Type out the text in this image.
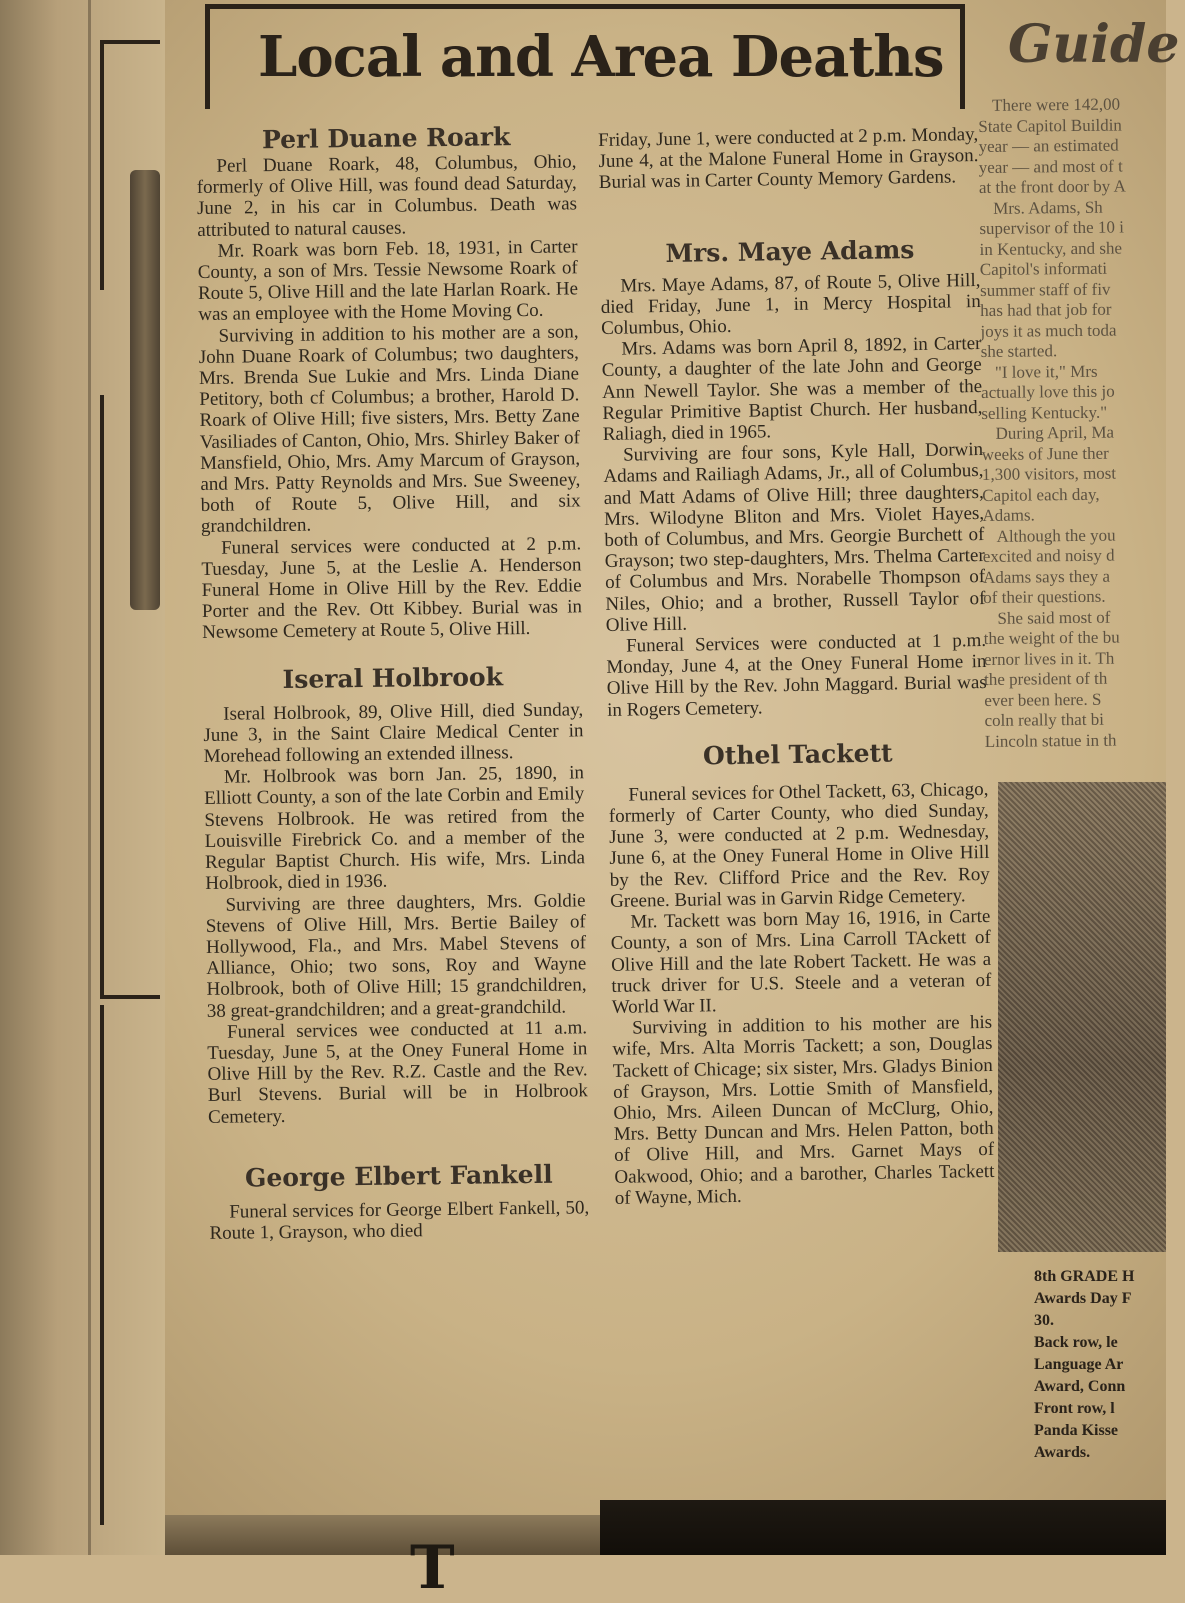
Local and Area Deaths Guide
Perl Duane Roark

Perl Duane Roark, 48, Columbus, Ohio, formerly of Olive Hill, was found dead Saturday, June 2, in his car in Columbus. Death was attributed to natural causes.

Mr. Roark was born Feb. 18, 1931, in Carter County, a son of Mrs. Tessie Newsome Roark of Route 5, Olive Hill and the late Harlan Roark. He was an employee with the Home Moving Co.

Surviving in addition to his mother are a son, John Duane Roark of Columbus; two daughters, Mrs. Brenda Sue Lukie and Mrs. Linda Diane Petitory, both cf Columbus; a brother, Harold D. Roark of Olive Hill; five sisters, Mrs. Betty Zane Vasiliades of Canton, Ohio, Mrs. Shirley Baker of Mansfield, Ohio, Mrs. Amy Marcum of Grayson, and Mrs. Patty Reynolds and Mrs. Sue Sweeney, both of Route 5, Olive Hill, and six grandchildren.

Funeral services were conducted at 2 p.m. Tuesday, June 5, at the Leslie A. Henderson Funeral Home in Olive Hill by the Rev. Eddie Porter and the Rev. Ott Kibbey. Burial was in Newsome Cemetery at Route 5, Olive Hill.

Iseral Holbrook

Iseral Holbrook, 89, Olive Hill, died Sunday, June 3, in the Saint Claire Medical Center in Morehead following an extended illness.

Mr. Holbrook was born Jan. 25, 1890, in Elliott County, a son of the late Corbin and Emily Stevens Holbrook. He was retired from the Louisville Firebrick Co. and a member of the Regular Baptist Church. His wife, Mrs. Linda Holbrook, died in 1936.

Surviving are three daughters, Mrs. Goldie Stevens of Olive Hill, Mrs. Bertie Bailey of Hollywood, Fla., and Mrs. Mabel Stevens of Alliance, Ohio; two sons, Roy and Wayne Holbrook, both of Olive Hill; 15 grandchildren, 38 great-grandchildren; and a great-grandchild.

Funeral services wee conducted at 11 a.m. Tuesday, June 5, at the Oney Funeral Home in Olive Hill by the Rev. R.Z. Castle and the Rev. Burl Stevens. Burial will be in Holbrook Cemetery.

George Elbert Fankell

Funeral services for George Elbert Fankell, 50, Route 1, Grayson, who died

Friday, June 1, were conducted at 2 p.m. Monday, June 4, at the Malone Funeral Home in Grayson. Burial was in Carter County Memory Gardens.

Mrs. Maye Adams

Mrs. Maye Adams, 87, of Route 5, Olive Hill, died Friday, June 1, in Mercy Hospital in Columbus, Ohio.

Mrs. Adams was born April 8, 1892, in Carter County, a daughter of the late John and George Ann Newell Taylor. She was a member of the Regular Primitive Baptist Church. Her husband, Raliagh, died in 1965.

Surviving are four sons, Kyle Hall, Dorwin Adams and Railiagh Adams, Jr., all of Columbus, and Matt Adams of Olive Hill; three daughters, Mrs. Wilodyne Bliton and Mrs. Violet Hayes, both of Columbus, and Mrs. Georgie Burchett of Grayson; two step-daughters, Mrs. Thelma Carter of Columbus and Mrs. Norabelle Thompson of Niles, Ohio; and a brother, Russell Taylor of Olive Hill.

Funeral Services were conducted at 1 p.m. Monday, June 4, at the Oney Funeral Home in Olive Hill by the Rev. John Maggard. Burial was in Rogers Cemetery.

Othel Tackett

Funeral sevices for Othel Tackett, 63, Chicago, formerly of Carter County, who died Sunday, June 3, were conducted at 2 p.m. Wednesday, June 6, at the Oney Funeral Home in Olive Hill by the Rev. Clifford Price and the Rev. Roy Greene. Burial was in Garvin Ridge Cemetery.

Mr. Tackett was born May 16, 1916, in Carte County, a son of Mrs. Lina Carroll TAckett of Olive Hill and the late Robert Tackett. He was a truck driver for U.S. Steele and a veteran of World War II.

Surviving in addition to his mother are his wife, Mrs. Alta Morris Tackett; a son, Douglas Tackett of Chicage; six sister, Mrs. Gladys Binion of Grayson, Mrs. Lottie Smith of Mansfield, Ohio, Mrs. Aileen Duncan of McClurg, Ohio, Mrs. Betty Duncan and Mrs. Helen Patton, both of Olive Hill, and Mrs. Garnet Mays of Oakwood, Ohio; and a barother, Charles Tackett of Wayne, Mich.

There were 142,00
State Capitol Buildin
year — an estimated
year — and most of t
at the front door by A
Mrs. Adams, Sh
supervisor of the 10 i
in Kentucky, and she
Capitol's informati
summer staff of fiv
has had that job for
joys it as much toda
she started.
"I love it," Mrs
actually love this jo
selling Kentucky."
During April, Ma
weeks of June ther
1,300 visitors, most
Capitol each day,
Adams.
Although the you
excited and noisy d
Adams says they a
of their questions.
She said most of
the weight of the bu
ernor lives in it. Th
the president of th
ever been here. S
coln really that bi
Lincoln statue in th
8th GRADE H
Awards Day F
30.
Back row, le
Language Ar
Award, Conn
Front row, l
Panda Kisse
Awards.
T
